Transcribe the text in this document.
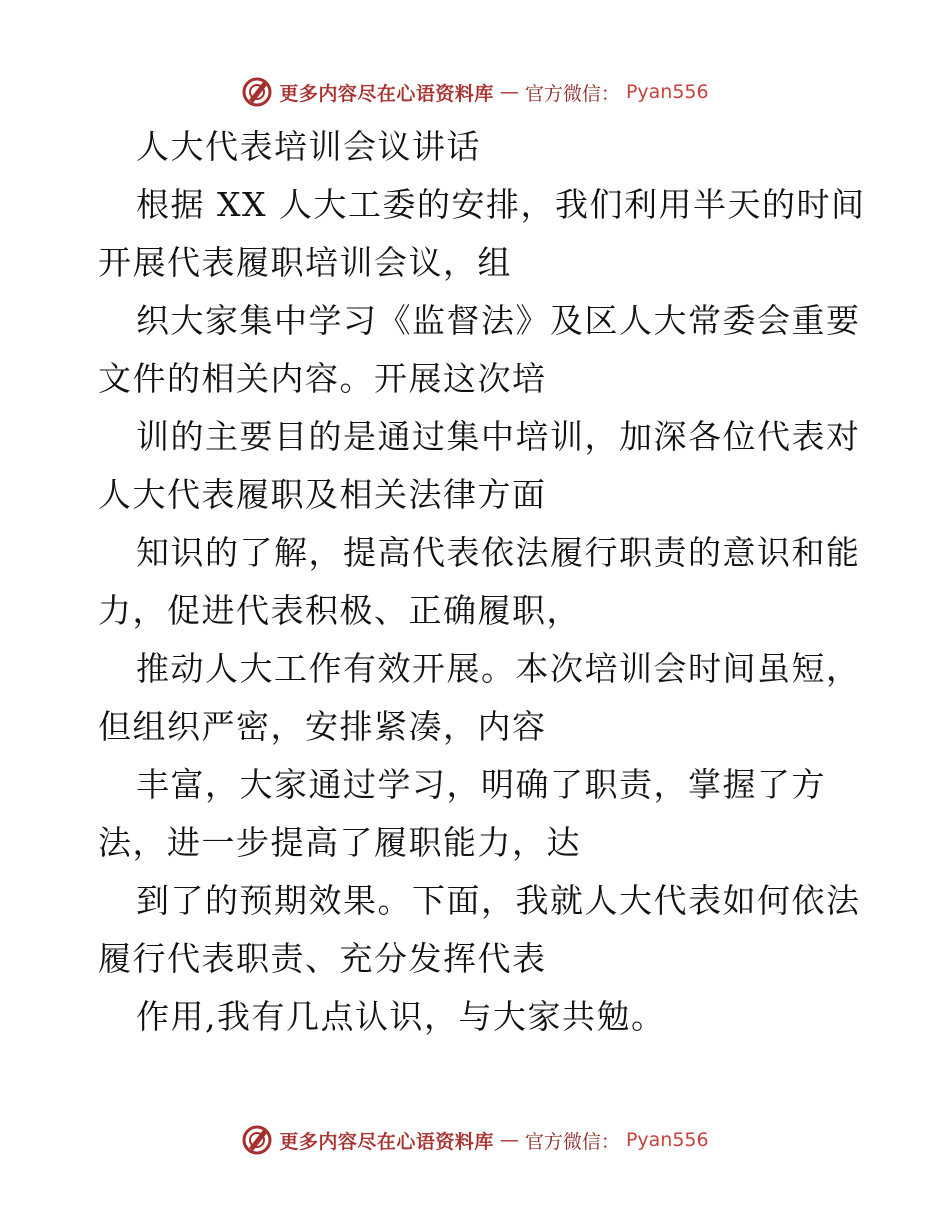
更多内容尽在心语资料库 — 官方微信： Pyan556
人大代表培训会议讲话
根据 XX 人大工委的安排，我们利用半天的时间
开展代表履职培训会议，组
织大家集中学习《监督法》及区人大常委会重要
文件的相关内容。开展这次培
训的主要目的是通过集中培训，加深各位代表对
人大代表履职及相关法律方面
知识的了解，提高代表依法履行职责的意识和能
力，促进代表积极、正确履职，
推动人大工作有效开展。本次培训会时间虽短，
但组织严密，安排紧凑，内容
丰富，大家通过学习，明确了职责，掌握了方
法，进一步提高了履职能力，达
到了的预期效果。下面，我就人大代表如何依法
履行代表职责、充分发挥代表
作用,我有几点认识，与大家共勉。
更多内容尽在心语资料库 — 官方微信： Pyan556
